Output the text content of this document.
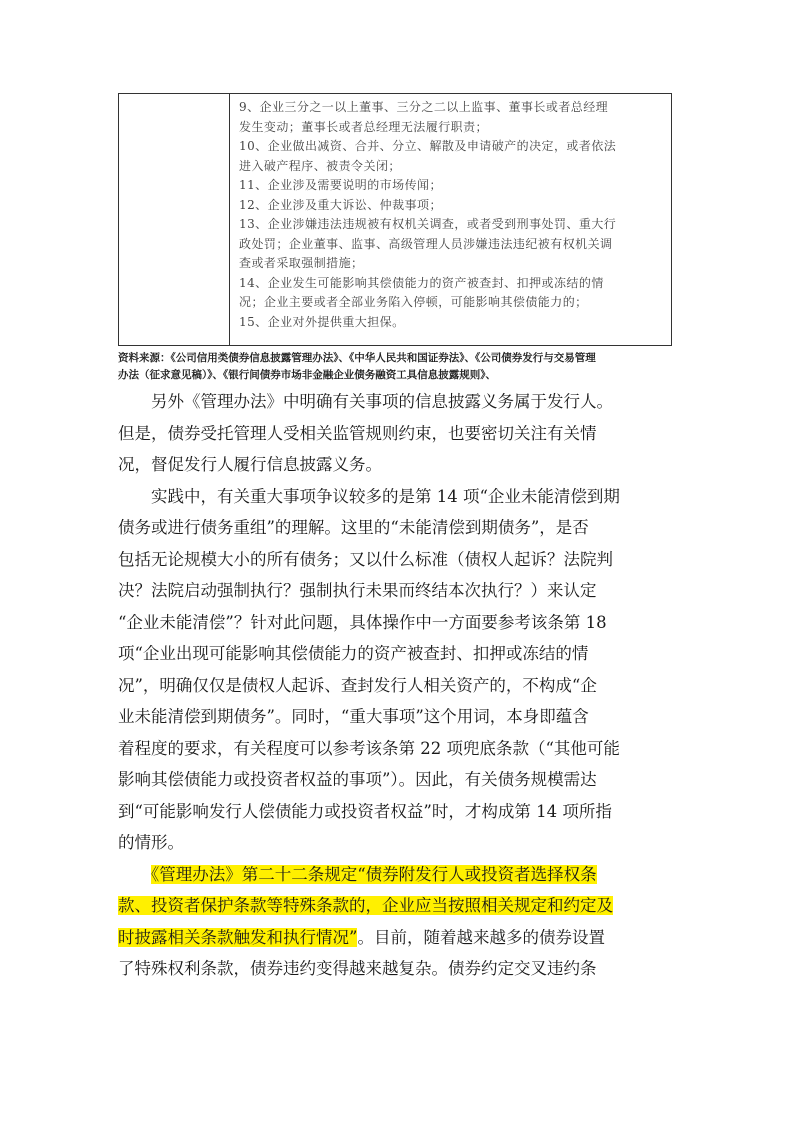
9、企业三分之一以上董事、三分之二以上监事、董事长或者总经理
发生变动；董事长或者总经理无法履行职责；
10、企业做出减资、合并、分立、解散及申请破产的决定，或者依法
进入破产程序、被责令关闭；
11、企业涉及需要说明的市场传闻；
12、企业涉及重大诉讼、仲裁事项；
13、企业涉嫌违法违规被有权机关调查，或者受到刑事处罚、重大行
政处罚；企业董事、监事、高级管理人员涉嫌违法违纪被有权机关调
查或者采取强制措施；
14、企业发生可能影响其偿债能力的资产被查封、扣押或冻结的情
况；企业主要或者全部业务陷入停顿，可能影响其偿债能力的；
15、企业对外提供重大担保。
资料来源：《公司信用类债券信息披露管理办法》、《中华人民共和国证券法》、《公司债券发行与交易管理
办法（征求意见稿）》、《银行间债券市场非金融企业债务融资工具信息披露规则》、
　　另外《管理办法》中明确有关事项的信息披露义务属于发行人。
但是，债券受托管理人受相关监管规则约束，也要密切关注有关情
况，督促发行人履行信息披露义务。
　　实践中，有关重大事项争议较多的是第 14 项“企业未能清偿到期
债务或进行债务重组”的理解。这里的“未能清偿到期债务”，是否
包括无论规模大小的所有债务；又以什么标准（债权人起诉？法院判
决？法院启动强制执行？强制执行未果而终结本次执行？）来认定
“企业未能清偿”？针对此问题，具体操作中一方面要参考该条第 18
项“企业出现可能影响其偿债能力的资产被查封、扣押或冻结的情
况”，明确仅仅是债权人起诉、查封发行人相关资产的，不构成“企
业未能清偿到期债务”。同时，“重大事项”这个用词，本身即蕴含
着程度的要求，有关程度可以参考该条第 22 项兜底条款（“其他可能
影响其偿债能力或投资者权益的事项”）。因此，有关债务规模需达
到“可能影响发行人偿债能力或投资者权益”时，才构成第 14 项所指
的情形。
　　《管理办法》第二十二条规定“债券附发行人或投资者选择权条
款、投资者保护条款等特殊条款的，企业应当按照相关规定和约定及
时披露相关条款触发和执行情况”。目前，随着越来越多的债券设置
了特殊权利条款，债券违约变得越来越复杂。债券约定交叉违约条
